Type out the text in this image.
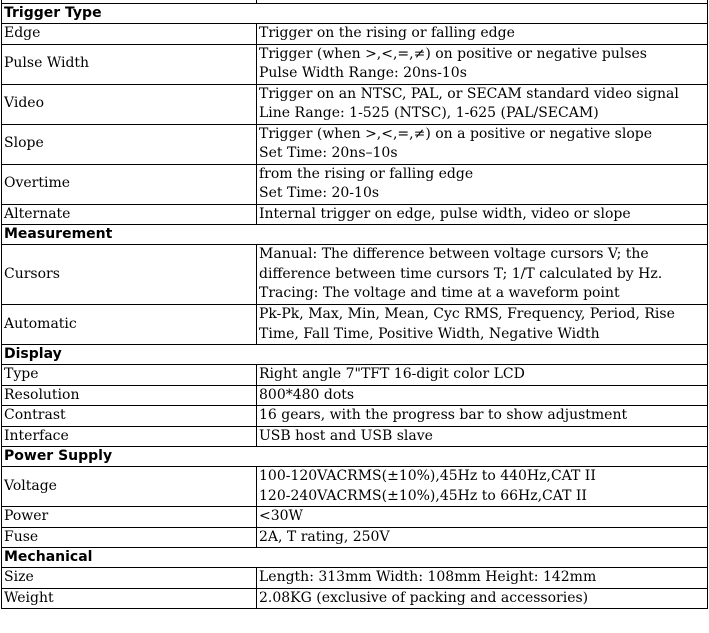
Trigger Type	
Edge	Trigger on the rising or falling edge

Pulse Width	Trigger (when >,<,=,≠) on positive or negative pulses
Pulse Width Range: 20ns-10s

Video	Trigger on an NTSC, PAL, or SECAM standard video signal
Line Range: 1-525 (NTSC), 1-625 (PAL/SECAM)

Slope	Trigger (when >,<,=,≠) on a positive or negative slope
Set Time: 20ns–10s

Overtime	from the rising or falling edge
Set Time: 20-10s

Alternate	Internal trigger on edge, pulse width, video or slope

Measurement	
Cursors	Manual: The difference between voltage cursors V; the
difference between time cursors T; 1/T calculated by Hz.
Tracing: The voltage and time at a waveform point

Automatic	Pk-Pk, Max, Min, Mean, Cyc RMS, Frequency, Period, Rise
Time, Fall Time, Positive Width, Negative Width

Display	
Type	Right angle 7"TFT 16-digit color LCD

Resolution	800*480 dots

Contrast	16 gears, with the progress bar to show adjustment

Interface	USB host and USB slave

Power Supply	
Voltage	100-120VACRMS(±10%),45Hz to 440Hz,CAT II
120-240VACRMS(±10%),45Hz to 66Hz,CAT II

Power	<30W

Fuse	2A, T rating, 250V

Mechanical	
Size	Length: 313mm Width: 108mm Height: 142mm

Weight	2.08KG (exclusive of packing and accessories)
